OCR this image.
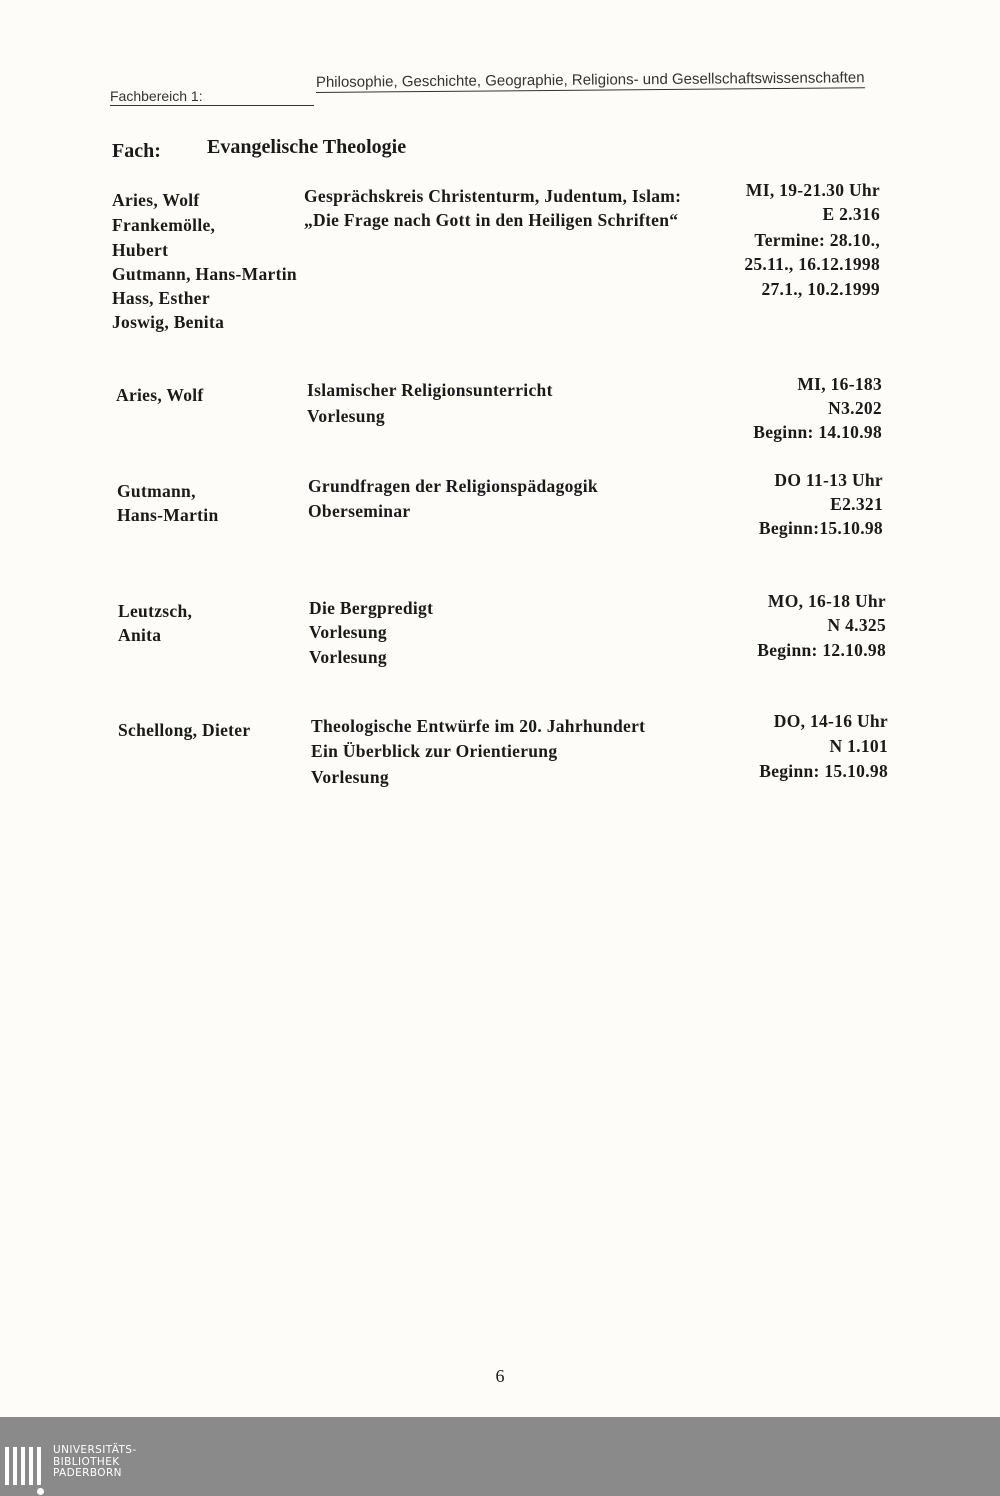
Fachbereich 1:
Philosophie, Geschichte, Geographie, Religions- und Gesellschaftswissenschaften
Fach: Evangelische Theologie
Aries, Wolf
Frankemölle,
Hubert
Gutmann, Hans-Martin
Hass, Esther
Joswig, Benita
Gesprächskreis Christenturm, Judentum, Islam:
„Die Frage nach Gott in den Heiligen Schriften“
MI, 19-21.30 Uhr
E 2.316
Termine: 28.10.,
25.11., 16.12.1998
27.1., 10.2.1999
Aries, Wolf	Islamischer Religionsunterricht
Vorlesung
MI, 16-183
N3.202
Beginn: 14.10.98
Gutmann,
Hans-Martin
Grundfragen der Religionspädagogik
Oberseminar
DO 11-13 Uhr
E2.321
Beginn:15.10.98
Leutzsch,
Anita
Die Bergpredigt
Vorlesung
Vorlesung
MO, 16-18 Uhr
N 4.325
Beginn: 12.10.98
Schellong, Dieter	Theologische Entwürfe im 20. Jahrhundert
Ein Überblick zur Orientierung
Vorlesung
DO, 14-16 Uhr
N 1.101
Beginn: 15.10.98
6
UNIVERSITÄTS-
BIBLIOTHEK
PADERBORN
